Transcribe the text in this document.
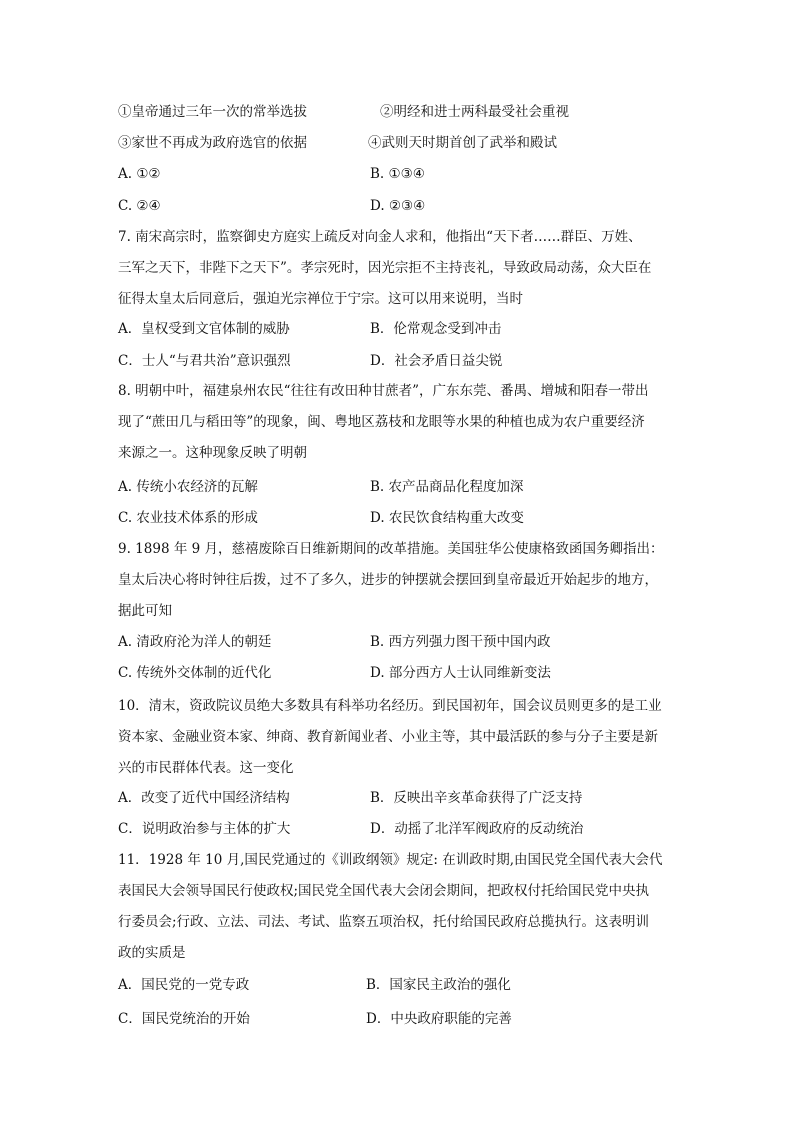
①皇帝通过三年一次的常举选拔	②明经和进士两科最受社会重视
③家世不再成为政府选官的依据	④武则天时期首创了武举和殿试
A. ①②	B. ①③④
C. ②④	D. ②③④
7. 南宋高宗时，监察御史方庭实上疏反对向金人求和，他指出“天下者……群臣、万姓、
三军之天下，非陛下之天下”。孝宗死时，因光宗拒不主持丧礼，导致政局动荡，众大臣在
征得太皇太后同意后，强迫光宗禅位于宁宗。这可以用来说明，当时
A．皇权受到文官体制的威胁	B．伦常观念受到冲击
C．士人“与君共治”意识强烈	D．社会矛盾日益尖锐
8. 明朝中叶，福建泉州农民“往往有改田种甘蔗者”，广东东莞、番禺、增城和阳春一带出
现了“蔗田几与稻田等”的现象，闽、粤地区荔枝和龙眼等水果的种植也成为农户重要经济
来源之一。这种现象反映了明朝
A. 传统小农经济的瓦解	B. 农产品商品化程度加深
C. 农业技术体系的形成	D. 农民饮食结构重大改变
9. 1898 年 9 月，慈禧废除百日维新期间的改革措施。美国驻华公使康格致函国务卿指出：
皇太后决心将时钟往后拨，过不了多久，进步的钟摆就会摆回到皇帝最近开始起步的地方，
据此可知
A. 清政府沦为洋人的朝廷	B. 西方列强力图干预中国内政
C. 传统外交体制的近代化	D. 部分西方人士认同维新变法
10．清末，资政院议员绝大多数具有科举功名经历。到民国初年，国会议员则更多的是工业
资本家、金融业资本家、绅商、教育新闻业者、小业主等，其中最活跃的参与分子主要是新
兴的市民群体代表。这一变化
A．改变了近代中国经济结构	B．反映出辛亥革命获得了广泛支持
C．说明政治参与主体的扩大	D．动摇了北洋军阀政府的反动统治
11．1928 年 10 月,国民党通过的《训政纲领》规定: 在训政时期,由国民党全国代表大会代
表国民大会领导国民行使政权;国民党全国代表大会闭会期间，把政权付托给国民党中央执
行委员会;行政、立法、司法、考试、监察五项治权，托付给国民政府总揽执行。这表明训
政的实质是
A．国民党的一党专政	B．国家民主政治的强化
C．国民党统治的开始	D．中央政府职能的完善
